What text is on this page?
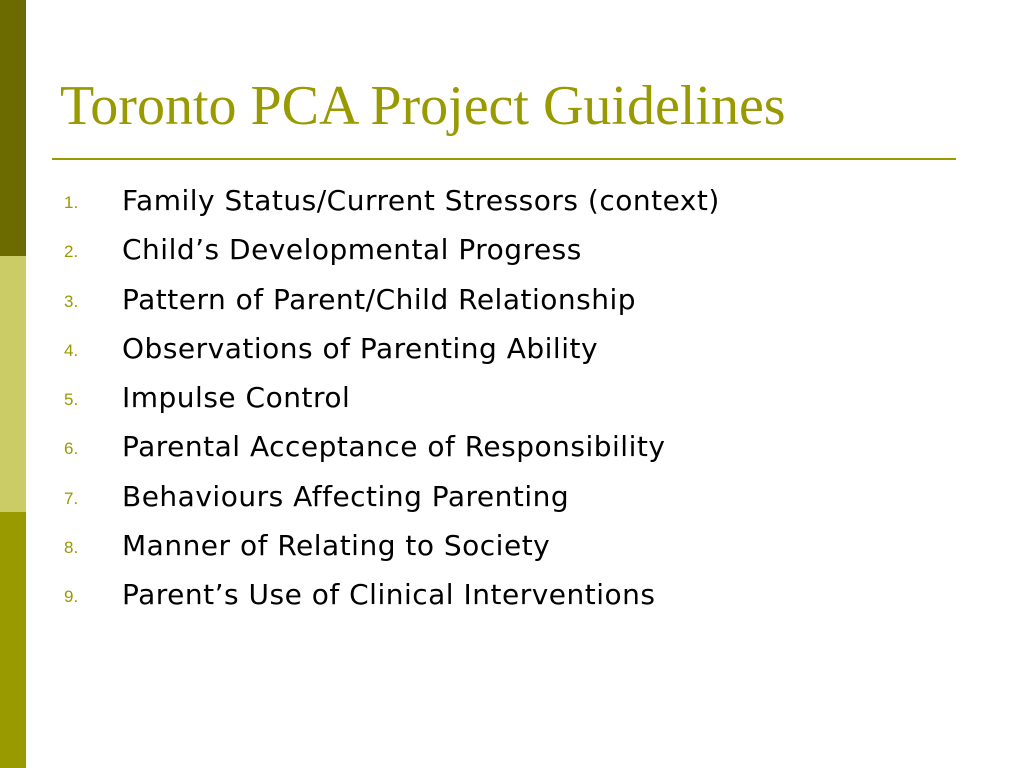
Toronto PCA Project Guidelines
1. Family Status/Current Stressors (context)
2. Child’s Developmental Progress
3. Pattern of Parent/Child Relationship
4. Observations of Parenting Ability
5. Impulse Control
6. Parental Acceptance of Responsibility
7. Behaviours Affecting Parenting
8. Manner of Relating to Society
9. Parent’s Use of Clinical Interventions
